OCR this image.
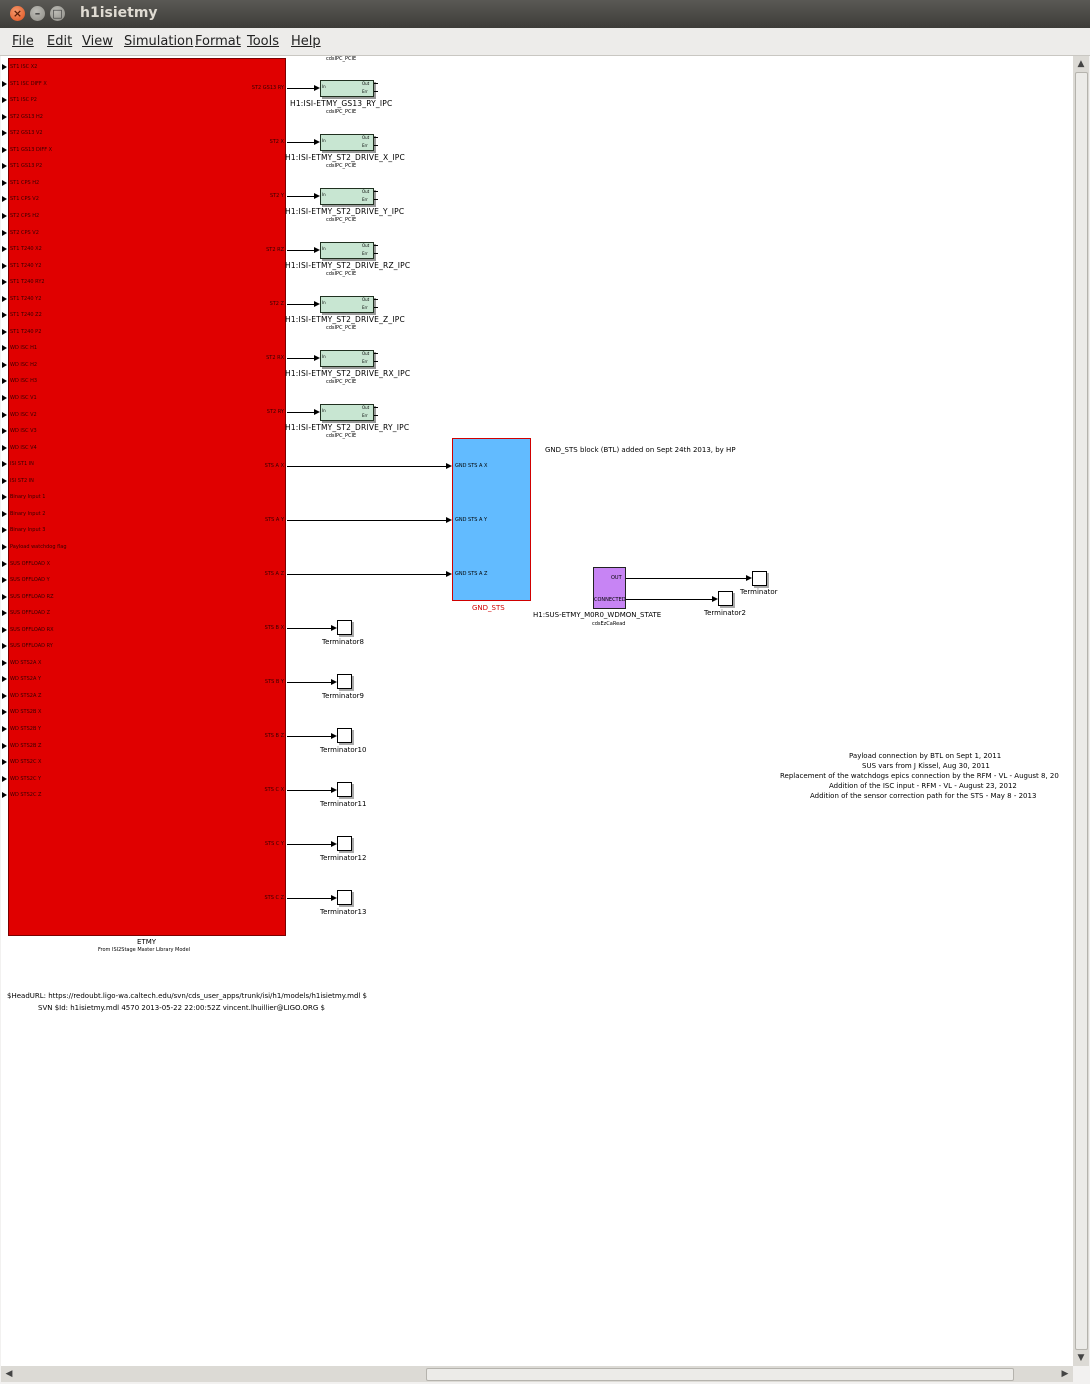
×	–	□ h1isietmy
File Edit View Simulation Format Tools Help
cdsIPC_PCIE
ETMY
From ISI2Stage Master Library Model
ST1 ISC X2
ST1 ISC DIFF X
ST1 ISC P2
ST2 GS13 H2
ST2 GS13 V2
ST1 GS13 DIFF X
ST1 GS13 P2
ST1 CPS H2
ST1 CPS V2
ST2 CPS H2
ST2 CPS V2
ST1 T240 X2
ST1 T240 Y2
ST1 T240 RY2
ST1 T240 Y2
ST1 T240 Z2
ST1 T240 P2
WD ISC H1
WD ISC H2
WD ISC H3
WD ISC V1
WD ISC V2
WD ISC V3
WD ISC V4
ISI ST1 IN
ISI ST2 IN
Binary Input 1
Binary Input 2
Binary Input 3
Payload watchdog flag
SUS OFFLOAD X
SUS OFFLOAD Y
SUS OFFLOAD RZ
SUS OFFLOAD Z
SUS OFFLOAD RX
SUS OFFLOAD RY
WD STS2A X
WD STS2A Y
WD STS2A Z
WD STS2B X
WD STS2B Y
WD STS2B Z
WD STS2C X
WD STS2C Y
WD STS2C Z
ST2 GS13 RY
ST2 X
ST2 Y
ST2 RZ
ST2 Z
ST2 RX
ST2 RY
STS A X
STS A Y
STS A Z
STS B X
Terminator8
STS B Y
Terminator9
STS B Z
Terminator10
STS C X
Terminator11
STS C Y
Terminator12
STS C Z
Terminator13
In
Out
Err
H1:ISI-ETMY_GS13_RY_IPC
cdsIPC_PCIE
In
Out
Err
H1:ISI-ETMY_ST2_DRIVE_X_IPC
cdsIPC_PCIE
In
Out
Err
H1:ISI-ETMY_ST2_DRIVE_Y_IPC
cdsIPC_PCIE
In
Out
Err
H1:ISI-ETMY_ST2_DRIVE_RZ_IPC
cdsIPC_PCIE
In
Out
Err
H1:ISI-ETMY_ST2_DRIVE_Z_IPC
cdsIPC_PCIE
In
Out
Err
H1:ISI-ETMY_ST2_DRIVE_RX_IPC
cdsIPC_PCIE
In
Out
Err
H1:ISI-ETMY_ST2_DRIVE_RY_IPC
cdsIPC_PCIE
GND STS A X
GND STS A Y
GND STS A Z
GND_STS
GND_STS block (BTL) added on Sept 24th 2013, by HP
OUT
CONNECTED
H1:SUS-ETMY_M0R0_WDMON_STATE
cdsEzCaRead
Terminator
Terminator2
Payload connection by BTL on Sept 1, 2011
SUS vars from J Kissel, Aug 30, 2011
Replacement of the watchdogs epics connection by the RFM - VL - August 8, 20
Addition of the ISC input - RFM - VL - August 23, 2012
Addition of the sensor correction path for the STS - May 8 - 2013
$HeadURL: https://redoubt.ligo-wa.caltech.edu/svn/cds_user_apps/trunk/isi/h1/models/h1isietmy.mdl $
SVN $Id: h1isietmy.mdl 4570 2013-05-22 22:00:52Z vincent.lhuillier@LIGO.ORG $
▲
▼
◀	▶
